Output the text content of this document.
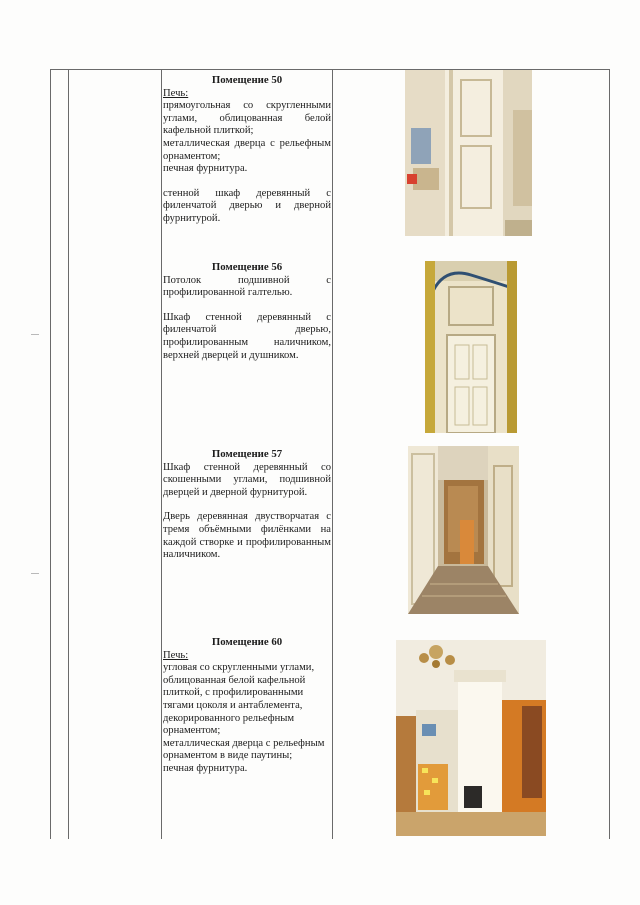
Помещение 50

Печь:

прямоугольная со скругленными углами, облицованная белой кафельной плиткой;

металлическая дверца с рельефным орнаментом;

печная фурнитура.

стенной шкаф деревянный с филенчатой дверью и дверной фурнитурой.

Помещение 56

Потолок подшивной с профилированной галтелью.

Шкаф стенной деревянный с филенчатой дверью, профилированным наличником, верхней дверцей и душником.

Помещение 57

Шкаф стенной деревянный со скошенными углами, подшивной дверцей и дверной фурнитурой.

Дверь деревянная двустворчатая с тремя объёмными филёнками на каждой створке и профилированным наличником.

Помещение 60

Печь:

угловая со скругленными углами, облицованная белой кафельной плиткой, с профилированными тягами цоколя и антаблемента, декорированного рельефным орнаментом;

металлическая дверца с рельефным орнаментом в виде паутины;

печная фурнитура.
